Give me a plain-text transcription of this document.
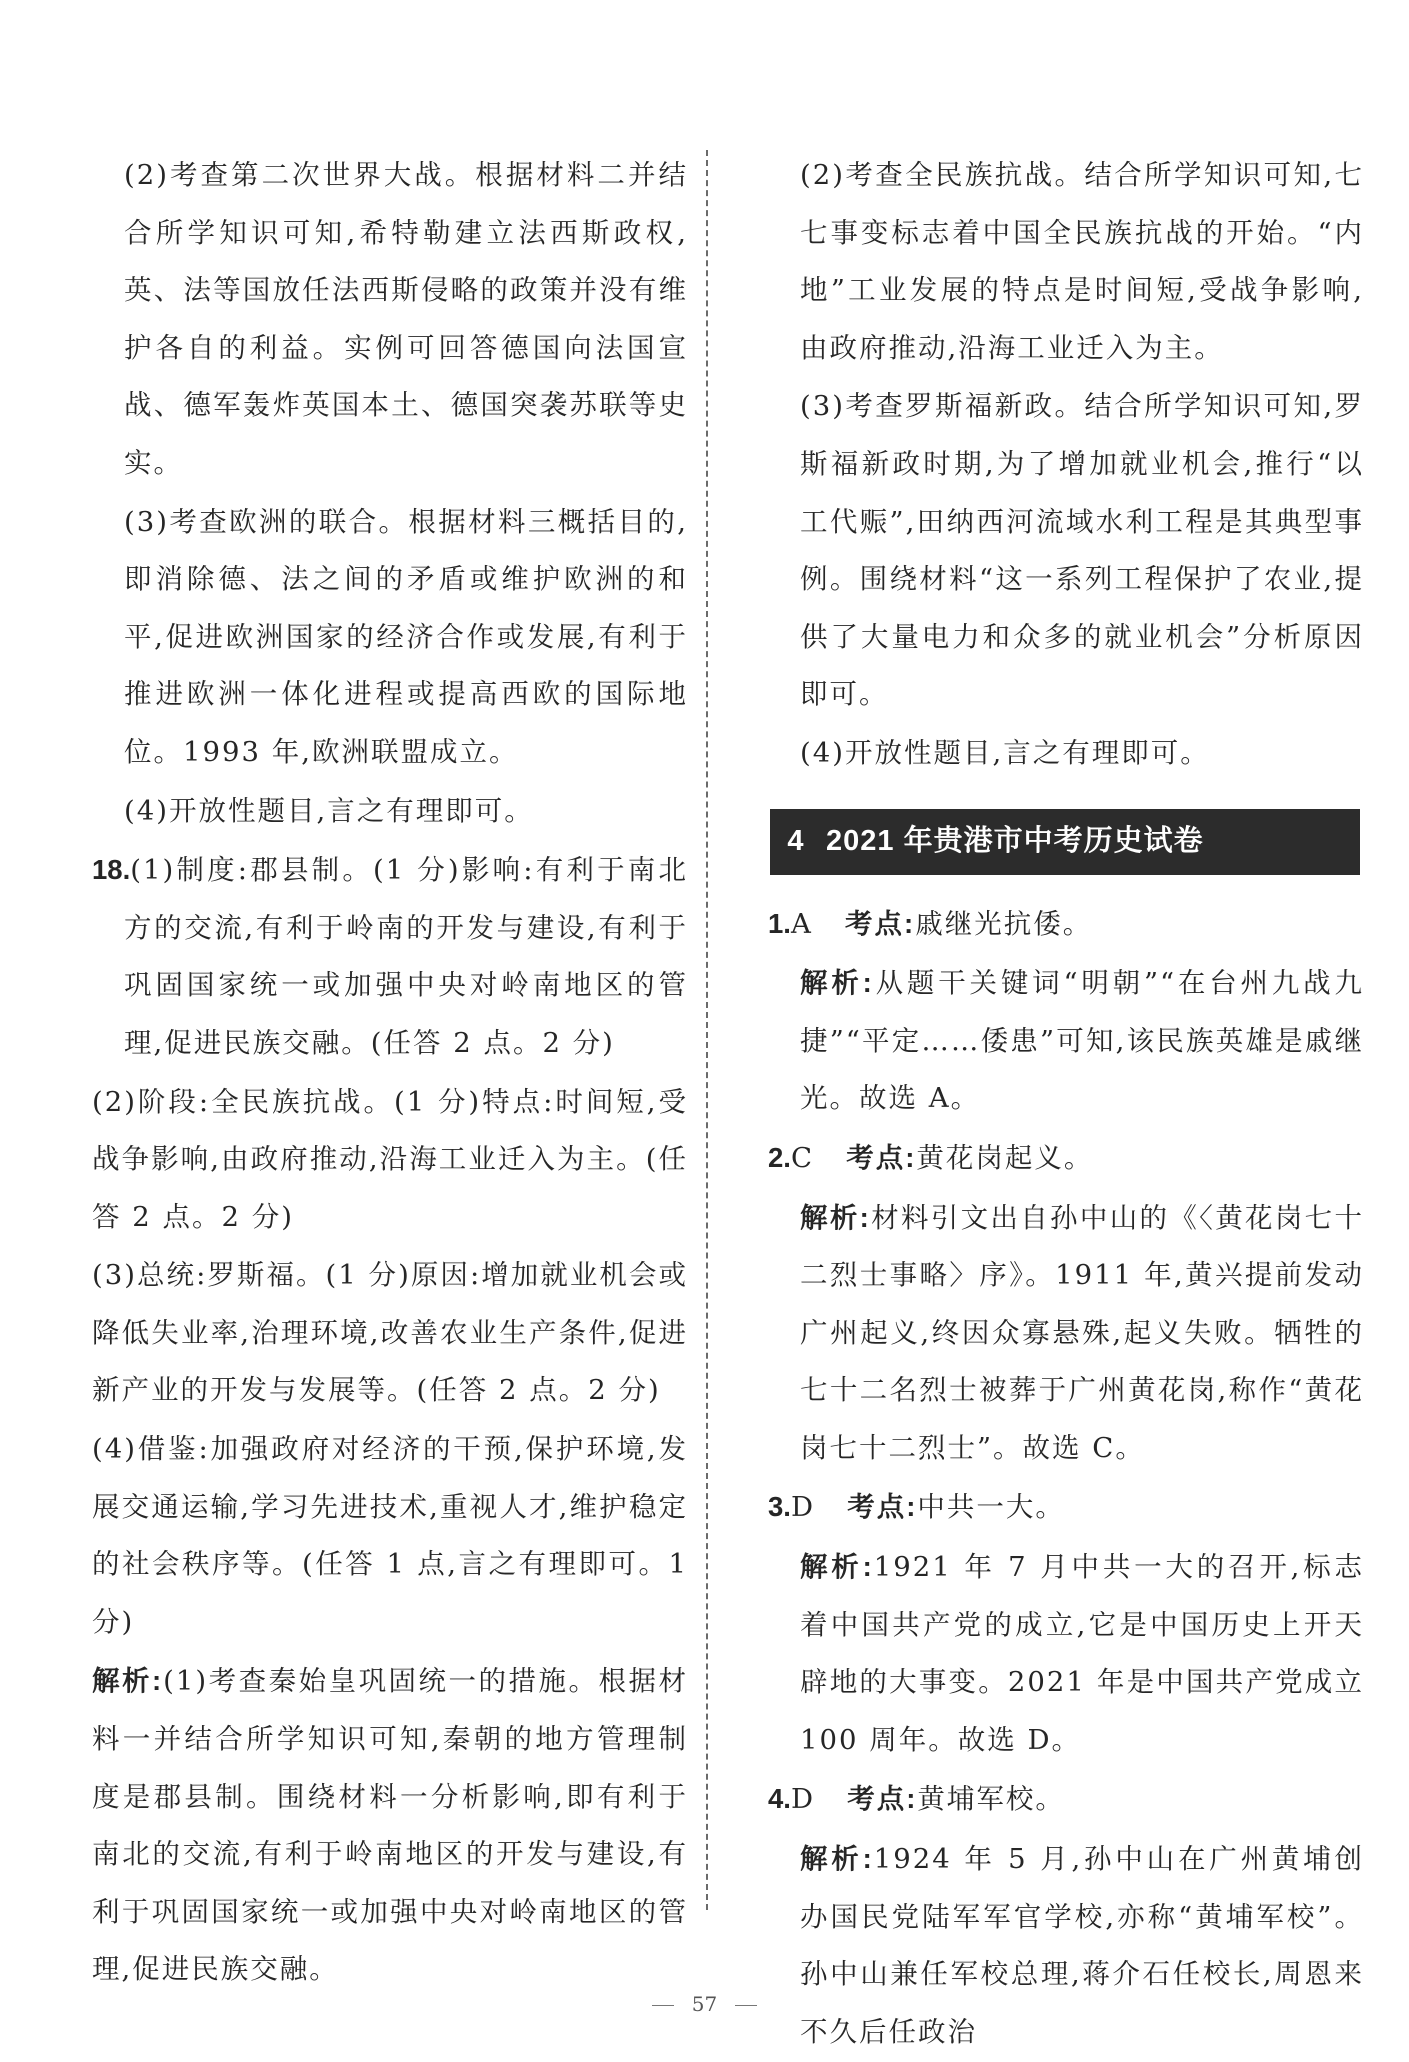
(2)考查第二次世界大战。根据材料二并结合所学知识可知,希特勒建立法西斯政权,英、法等国放任法西斯侵略的政策并没有维护各自的利益。实例可回答德国向法国宣战、德军轰炸英国本土、德国突袭苏联等史实。

(3)考查欧洲的联合。根据材料三概括目的,即消除德、法之间的矛盾或维护欧洲的和平,促进欧洲国家的经济合作或发展,有利于推进欧洲一体化进程或提高西欧的国际地位。1993 年,欧洲联盟成立。

(4)开放性题目,言之有理即可。

18.(1)制度:郡县制。(1 分)影响:有利于南北方的交流,有利于岭南的开发与建设,有利于巩固国家统一或加强中央对岭南地区的管理,促进民族交融。(任答 2 点。2 分)

(2)阶段:全民族抗战。(1 分)特点:时间短,受战争影响,由政府推动,沿海工业迁入为主。(任答 2 点。2 分)

(3)总统:罗斯福。(1 分)原因:增加就业机会或降低失业率,治理环境,改善农业生产条件,促进新产业的开发与发展等。(任答 2 点。2 分)

(4)借鉴:加强政府对经济的干预,保护环境,发展交通运输,学习先进技术,重视人才,维护稳定的社会秩序等。(任答 1 点,言之有理即可。1 分)

解析:(1)考查秦始皇巩固统一的措施。根据材料一并结合所学知识可知,秦朝的地方管理制度是郡县制。围绕材料一分析影响,即有利于南北的交流,有利于岭南地区的开发与建设,有利于巩固国家统一或加强中央对岭南地区的管理,促进民族交融。

(2)考查全民族抗战。结合所学知识可知,七七事变标志着中国全民族抗战的开始。“内地”工业发展的特点是时间短,受战争影响,由政府推动,沿海工业迁入为主。

(3)考查罗斯福新政。结合所学知识可知,罗斯福新政时期,为了增加就业机会,推行“以工代赈”,田纳西河流域水利工程是其典型事例。围绕材料“这一系列工程保护了农业,提供了大量电力和众多的就业机会”分析原因即可。

(4)开放性题目,言之有理即可。

4 2021 年贵港市中考历史试卷
1.A 考点:戚继光抗倭。

解析:从题干关键词“明朝”“在台州九战九捷”“平定……倭患”可知,该民族英雄是戚继光。故选 A。

2.C 考点:黄花岗起义。

解析:材料引文出自孙中山的《〈黄花岗七十二烈士事略〉序》。1911 年,黄兴提前发动广州起义,终因众寡悬殊,起义失败。牺牲的七十二名烈士被葬于广州黄花岗,称作“黄花岗七十二烈士”。故选 C。

3.D 考点:中共一大。

解析:1921 年 7 月中共一大的召开,标志着中国共产党的成立,它是中国历史上开天辟地的大事变。2021 年是中国共产党成立 100 周年。故选 D。

4.D 考点:黄埔军校。

解析:1924 年 5 月,孙中山在广州黄埔创办国民党陆军军官学校,亦称“黄埔军校”。孙中山兼任军校总理,蒋介石任校长,周恩来不久后任政治

57
